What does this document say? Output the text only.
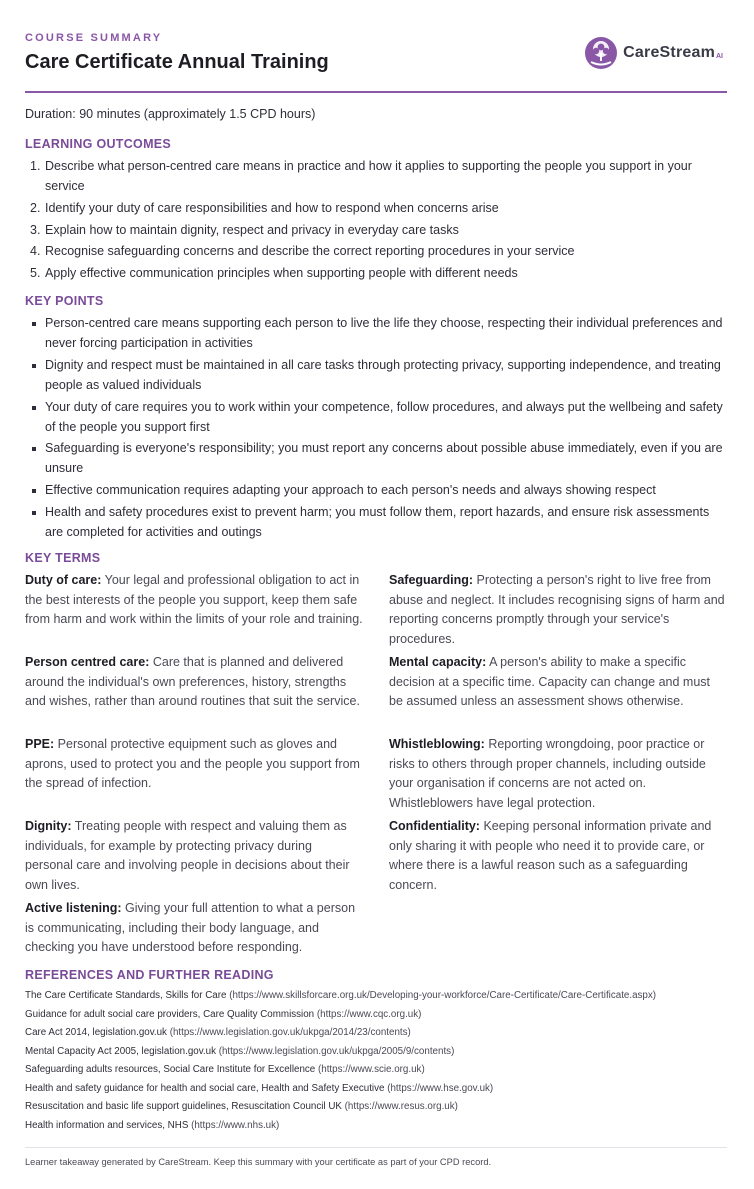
COURSE SUMMARY
Care Certificate Annual Training	CareStream AI
Duration: 90 minutes (approximately 1.5 CPD hours)
LEARNING OUTCOMES
1. Describe what person-centred care means in practice and how it applies to supporting the people you support in your service
2. Identify your duty of care responsibilities and how to respond when concerns arise
3. Explain how to maintain dignity, respect and privacy in everyday care tasks
4. Recognise safeguarding concerns and describe the correct reporting procedures in your service
5. Apply effective communication principles when supporting people with different needs
KEY POINTS
Person-centred care means supporting each person to live the life they choose, respecting their individual preferences and never forcing participation in activities
Dignity and respect must be maintained in all care tasks through protecting privacy, supporting independence, and treating people as valued individuals
Your duty of care requires you to work within your competence, follow procedures, and always put the wellbeing and safety of the people you support first
Safeguarding is everyone's responsibility; you must report any concerns about possible abuse immediately, even if you are unsure
Effective communication requires adapting your approach to each person's needs and always showing respect
Health and safety procedures exist to prevent harm; you must follow them, report hazards, and ensure risk assessments are completed for activities and outings
KEY TERMS
Duty of care: Your legal and professional obligation to act in the best interests of the people you support, keep them safe from harm and work within the limits of your role and training.
Safeguarding: Protecting a person's right to live free from abuse and neglect. It includes recognising signs of harm and reporting concerns promptly through your service's procedures.
Person centred care: Care that is planned and delivered around the individual's own preferences, history, strengths and wishes, rather than around routines that suit the service.
Mental capacity: A person's ability to make a specific decision at a specific time. Capacity can change and must be assumed unless an assessment shows otherwise.
PPE: Personal protective equipment such as gloves and aprons, used to protect you and the people you support from the spread of infection.
Whistleblowing: Reporting wrongdoing, poor practice or risks to others through proper channels, including outside your organisation if concerns are not acted on. Whistleblowers have legal protection.
Dignity: Treating people with respect and valuing them as individuals, for example by protecting privacy during personal care and involving people in decisions about their own lives.
Confidentiality: Keeping personal information private and only sharing it with people who need it to provide care, or where there is a lawful reason such as a safeguarding concern.
Active listening: Giving your full attention to what a person is communicating, including their body language, and checking you have understood before responding.
REFERENCES AND FURTHER READING
The Care Certificate Standards, Skills for Care (https://www.skillsforcare.org.uk/Developing-your-workforce/Care-Certificate/Care-Certificate.aspx)
Guidance for adult social care providers, Care Quality Commission (https://www.cqc.org.uk)
Care Act 2014, legislation.gov.uk (https://www.legislation.gov.uk/ukpga/2014/23/contents)
Mental Capacity Act 2005, legislation.gov.uk (https://www.legislation.gov.uk/ukpga/2005/9/contents)
Safeguarding adults resources, Social Care Institute for Excellence (https://www.scie.org.uk)
Health and safety guidance for health and social care, Health and Safety Executive (https://www.hse.gov.uk)
Resuscitation and basic life support guidelines, Resuscitation Council UK (https://www.resus.org.uk)
Health information and services, NHS (https://www.nhs.uk)
Learner takeaway generated by CareStream. Keep this summary with your certificate as part of your CPD record.
